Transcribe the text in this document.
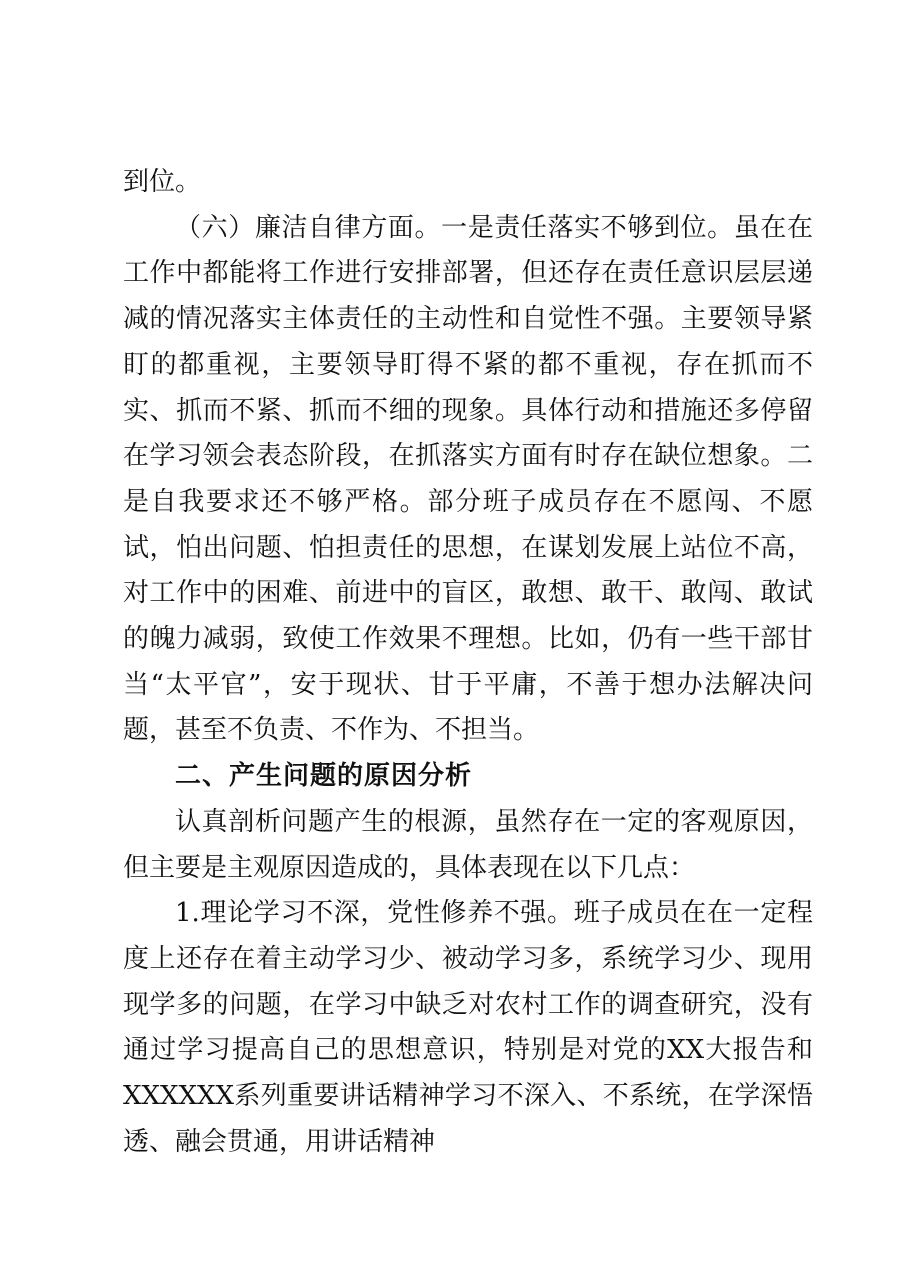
到位。

（六）廉洁自律方面。一是责任落实不够到位。虽在在工作中都能将工作进行安排部署，但还存在责任意识层层递减的情况落实主体责任的主动性和自觉性不强。主要领导紧盯的都重视，主要领导盯得不紧的都不重视，存在抓而不实、抓而不紧、抓而不细的现象。具体行动和措施还多停留在学习领会表态阶段，在抓落实方面有时存在缺位想象。二是自我要求还不够严格。部分班子成员存在不愿闯、不愿试，怕出问题、怕担责任的思想，在谋划发展上站位不高，对工作中的困难、前进中的盲区，敢想、敢干、敢闯、敢试的魄力减弱，致使工作效果不理想。比如，仍有一些干部甘当“太平官”，安于现状、甘于平庸，不善于想办法解决问题，甚至不负责、不作为、不担当。

二、产生问题的原因分析

认真剖析问题产生的根源，虽然存在一定的客观原因，但主要是主观原因造成的，具体表现在以下几点：

1.理论学习不深，党性修养不强。班子成员在在一定程度上还存在着主动学习少、被动学习多，系统学习少、现用现学多的问题，在学习中缺乏对农村工作的调查研究，没有通过学习提高自己的思想意识，特别是对党的XX大报告和XXXXXX系列重要讲话精神学习不深入、不系统，在学深悟透、融会贯通，用讲话精神
